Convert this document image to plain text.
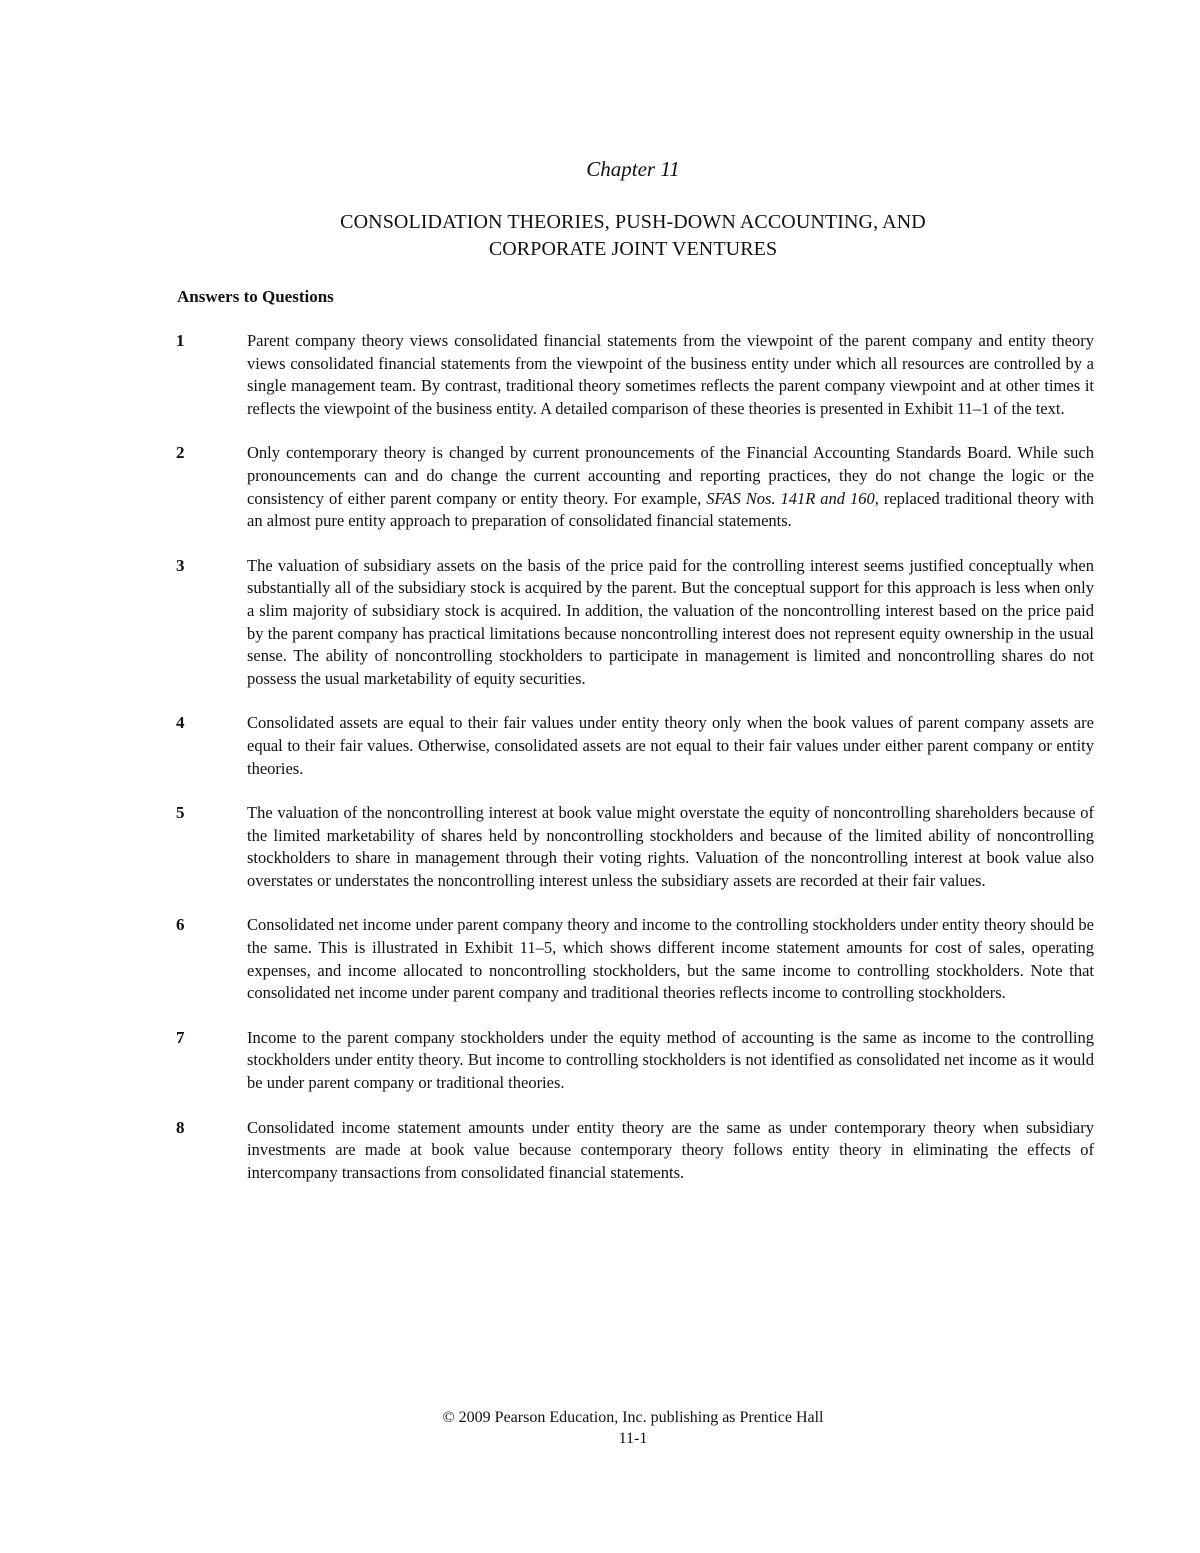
Chapter 11
CONSOLIDATION THEORIES, PUSH-DOWN ACCOUNTING, AND
CORPORATE JOINT VENTURES
Answers to Questions
1	Parent company theory views consolidated financial statements from the viewpoint of the parent company and entity theory views consolidated financial statements from the viewpoint of the business entity under which all resources are controlled by a single management team. By contrast, traditional theory sometimes reflects the parent company viewpoint and at other times it reflects the viewpoint of the business entity. A detailed comparison of these theories is presented in Exhibit 11–1 of the text.
2	Only contemporary theory is changed by current pronouncements of the Financial Accounting Standards Board. While such pronouncements can and do change the current accounting and reporting practices, they do not change the logic or the consistency of either parent company or entity theory. For example, SFAS Nos. 141R and 160, replaced traditional theory with an almost pure entity approach to preparation of consolidated financial statements.
3	The valuation of subsidiary assets on the basis of the price paid for the controlling interest seems justified conceptually when substantially all of the subsidiary stock is acquired by the parent. But the conceptual support for this approach is less when only a slim majority of subsidiary stock is acquired. In addition, the valuation of the noncontrolling interest based on the price paid by the parent company has practical limitations because noncontrolling interest does not represent equity ownership in the usual sense. The ability of noncontrolling stockholders to participate in management is limited and noncontrolling shares do not possess the usual marketability of equity securities.
4	Consolidated assets are equal to their fair values under entity theory only when the book values of parent company assets are equal to their fair values. Otherwise, consolidated assets are not equal to their fair values under either parent company or entity theories.
5	The valuation of the noncontrolling interest at book value might overstate the equity of noncontrolling shareholders because of the limited marketability of shares held by noncontrolling stockholders and because of the limited ability of noncontrolling stockholders to share in management through their voting rights. Valuation of the noncontrolling interest at book value also overstates or understates the noncontrolling interest unless the subsidiary assets are recorded at their fair values.
6	Consolidated net income under parent company theory and income to the controlling stockholders under entity theory should be the same. This is illustrated in Exhibit 11–5, which shows different income statement amounts for cost of sales, operating expenses, and income allocated to noncontrolling stockholders, but the same income to controlling stockholders. Note that consolidated net income under parent company and traditional theories reflects income to controlling stockholders.
7	Income to the parent company stockholders under the equity method of accounting is the same as income to the controlling stockholders under entity theory. But income to controlling stockholders is not identified as consolidated net income as it would be under parent company or traditional theories.
8	Consolidated income statement amounts under entity theory are the same as under contemporary theory when subsidiary investments are made at book value because contemporary theory follows entity theory in eliminating the effects of intercompany transactions from consolidated financial statements.
© 2009 Pearson Education, Inc. publishing as Prentice Hall
11-1
